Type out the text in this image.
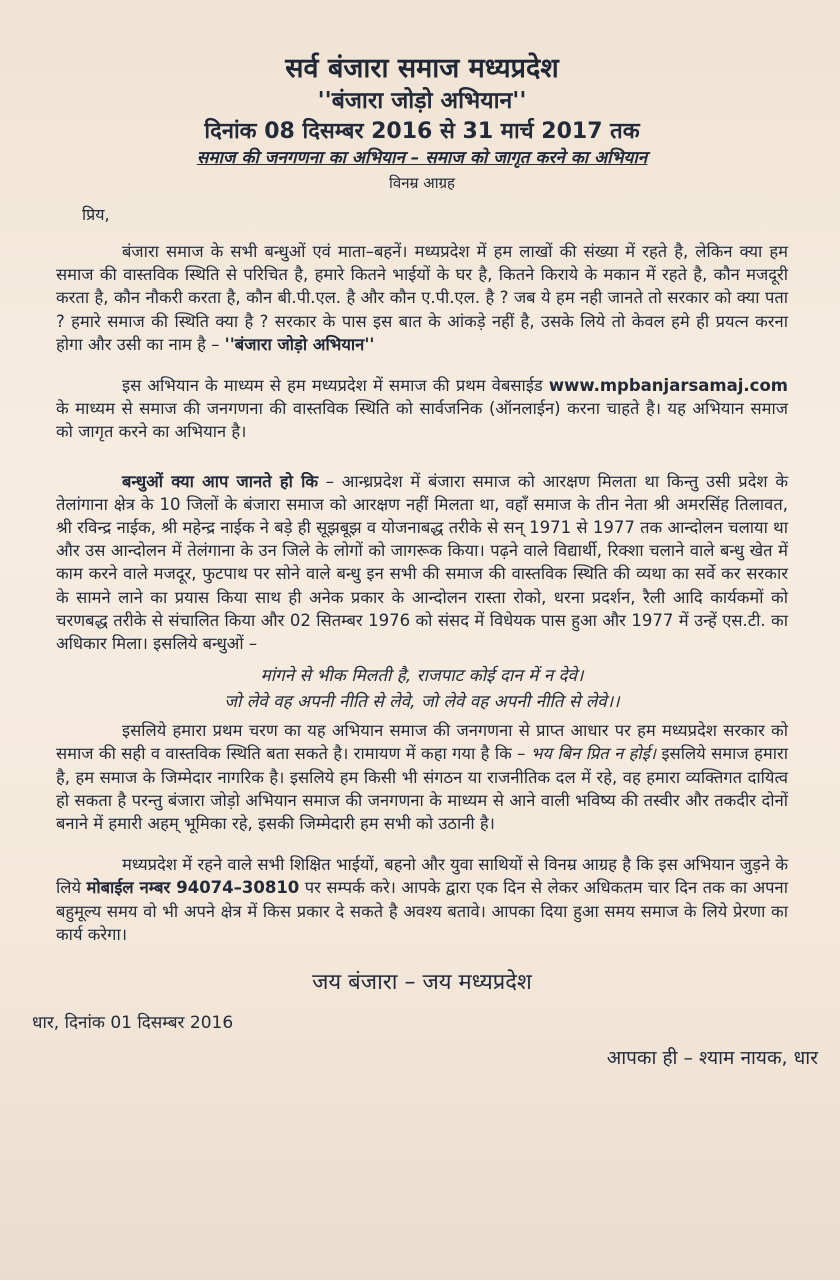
सर्व बंजारा समाज मध्यप्रदेश
''बंजारा जोड़ो अभियान''
दिनांक 08 दिसम्बर 2016 से 31 मार्च 2017 तक
समाज की जनगणना का अभियान – समाज को जागृत करने का अभियान
विनम्र आग्रह
प्रिय,

बंजारा समाज के सभी बन्धुओं एवं माता–बहनें। मध्यप्रदेश में हम लाखों की संख्या में रहते है, लेकिन क्या हम समाज की वास्तविक स्थिति से परिचित है, हमारे कितने भाईयों के घर है, कितने किराये के मकान में रहते है, कौन मजदूरी करता है, कौन नौकरी करता है, कौन बी.पी.एल. है और कौन ए.पी.एल. है ? जब ये हम नही जानते तो सरकार को क्या पता ? हमारे समाज की स्थिति क्या है ? सरकार के पास इस बात के आंकड़े नहीं है, उसके लिये तो केवल हमे ही प्रयत्न करना होगा और उसी का नाम है – ''बंजारा जोड़ो अभियान''

इस अभियान के माध्यम से हम मध्यप्रदेश में समाज की प्रथम वेबसाईड www.mpbanjarsamaj.com के माध्यम से समाज की जनगणना की वास्तविक स्थिति को सार्वजनिक (ऑनलाईन) करना चाहते है। यह अभियान समाज को जागृत करने का अभियान है।

बन्धुओं क्या आप जानते हो कि – आन्ध्रप्रदेश में बंजारा समाज को आरक्षण मिलता था किन्तु उसी प्रदेश के तेलांगाना क्षेत्र के 10 जिलों के बंजारा समाज को आरक्षण नहीं मिलता था, वहाँ समाज के तीन नेता श्री अमरसिंह तिलावत, श्री रविन्द्र नाईक, श्री महेन्द्र नाईक ने बड़े ही सूझबूझ व योजनाबद्ध तरीके से सन् 1971 से 1977 तक आन्दोलन चलाया था और उस आन्दोलन में तेलंगाना के उन जिले के लोगों को जागरूक किया। पढ़ने वाले विद्यार्थी, रिक्शा चलाने वाले बन्धु खेत में काम करने वाले मजदूर, फुटपाथ पर सोने वाले बन्धु इन सभी की समाज की वास्तविक स्थिति की व्यथा का सर्वे कर सरकार के सामने लाने का प्रयास किया साथ ही अनेक प्रकार के आन्दोलन रास्ता रोको, धरना प्रदर्शन, रैली आदि कार्यकमों को चरणबद्ध तरीके से संचालित किया और 02 सितम्बर 1976 को संसद में विधेयक पास हुआ और 1977 में उन्हें एस.टी. का अधिकार मिला। इसलिये बन्धुओं –

मांगने से भीक मिलती है, राजपाट कोई दान में न देवे।
जो लेवे वह अपनी नीति से लेवे, जो लेवे वह अपनी नीति से लेवे।।

इसलिये हमारा प्रथम चरण का यह अभियान समाज की जनगणना से प्राप्त आधार पर हम मध्यप्रदेश सरकार को समाज की सही व वास्तविक स्थिति बता सकते है। रामायण में कहा गया है कि – भय बिन प्रित न होई। इसलिये समाज हमारा है, हम समाज के जिम्मेदार नागरिक है। इसलिये हम किसी भी संगठन या राजनीतिक दल में रहे, वह हमारा व्यक्तिगत दायित्व हो सकता है परन्तु बंजारा जोड़ो अभियान समाज की जनगणना के माध्यम से आने वाली भविष्य की तस्वीर और तकदीर दोनों बनाने में हमारी अहम् भूमिका रहे, इसकी जिम्मेदारी हम सभी को उठानी है।

मध्यप्रदेश में रहने वाले सभी शिक्षित भाईयों, बहनो और युवा साथियों से विनम्र आग्रह है कि इस अभियान जुड़ने के लिये मोबाईल नम्बर 94074–30810 पर सम्पर्क करे। आपके द्वारा एक दिन से लेकर अधिकतम चार दिन तक का अपना बहुमूल्य समय वो भी अपने क्षेत्र में किस प्रकार दे सकते है अवश्य बतावे। आपका दिया हुआ समय समाज के लिये प्रेरणा का कार्य करेगा।

जय बंजारा – जय मध्यप्रदेश
धार, दिनांक 01 दिसम्बर 2016
आपका ही – श्याम नायक, धार
